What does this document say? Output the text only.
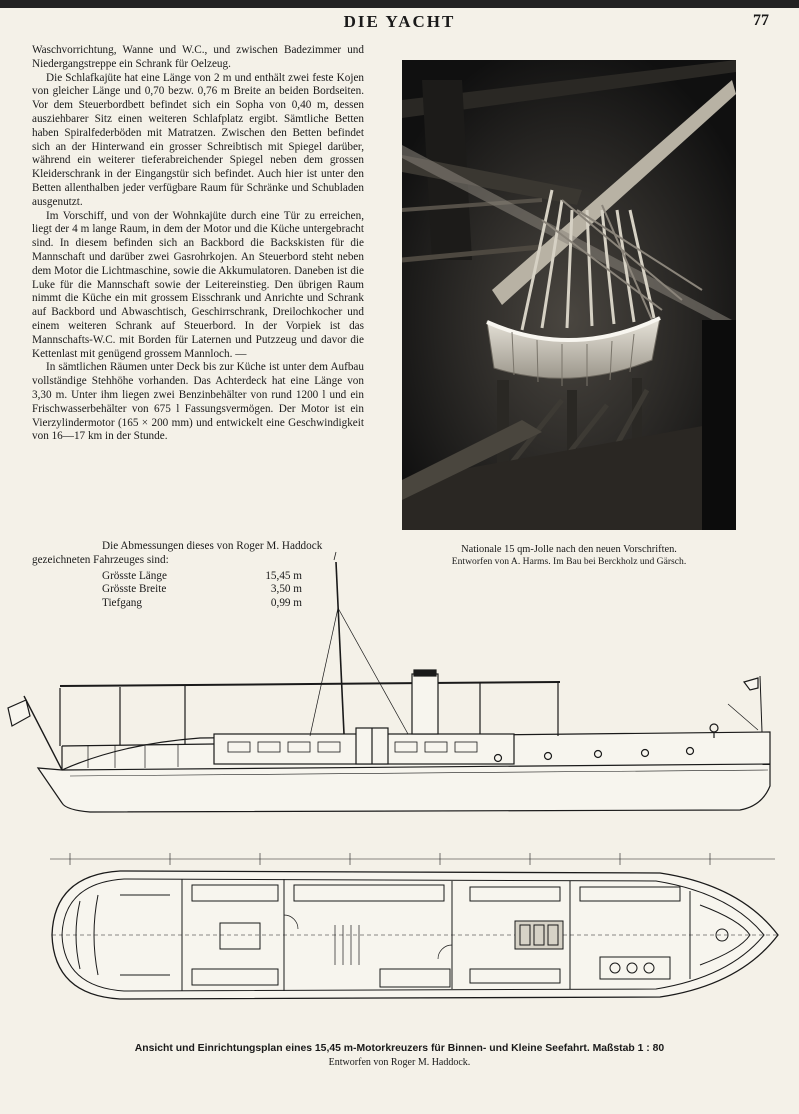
DIE YACHT	77

Waschvorrichtung, Wanne und W.C., und zwischen Badezimmer und Niedergangstreppe ein Schrank für Oelzeug.

Die Schlafkajüte hat eine Länge von 2 m und enthält zwei feste Kojen von gleicher Länge und 0,70 bezw. 0,76 m Breite an beiden Bordseiten. Vor dem Steuerbordbett befindet sich ein Sopha von 0,40 m, dessen ausziehbarer Sitz einen weiteren Schlafplatz ergibt. Sämtliche Betten haben Spiralfederböden mit Matratzen. Zwischen den Betten befindet sich an der Hinterwand ein grosser Schreibtisch mit Spiegel darüber, während ein weiterer tieferabreichender Spiegel neben dem grossen Kleiderschrank in der Eingangstür sich befindet. Auch hier ist unter den Betten allenthalben jeder verfügbare Raum für Schränke und Schubladen ausgenutzt.

Im Vorschiff, und von der Wohnkajüte durch eine Tür zu erreichen, liegt der 4 m lange Raum, in dem der Motor und die Küche untergebracht sind. In diesem befinden sich an Backbord die Backskisten für die Mannschaft und darüber zwei Gasrohrkojen. An Steuerbord steht neben dem Motor die Lichtmaschine, sowie die Akkumulatoren. Daneben ist die Luke für die Mannschaft sowie der Leitereinstieg. Den übrigen Raum nimmt die Küche ein mit grossem Eisschrank und Anrichte und Schrank auf Backbord und Abwaschtisch, Geschirrschrank, Dreilochkocher und einem weiteren Schrank auf Steuerbord. In der Vorpiek ist das Mannschafts-W.C. mit Borden für Laternen und Putzzeug und davor die Kettenlast mit genügend grossem Mannloch. —

In sämtlichen Räumen unter Deck bis zur Küche ist unter dem Aufbau vollständige Stehhöhe vorhanden. Das Achterdeck hat eine Länge von 3,30 m. Unter ihm liegen zwei Benzinbehälter von rund 1200 l und ein Frischwasserbehälter von 675 l Fassungsvermögen. Der Motor ist ein Vierzylindermotor (165 × 200 mm) und entwickelt eine Geschwindigkeit von 16—17 km in der Stunde.

Die Abmessungen dieses von Roger M. Haddock gezeichneten Fahrzeuges sind:
Grösste Länge	15,45 m
Grösste Breite	3,50 m
Tiefgang	0,99 m
Nationale 15 qm-Jolle nach den neuen Vorschriften.
Entworfen von A. Harms. Im Bau bei Berckholz und Gärsch.
Ansicht und Einrichtungsplan eines 15,45 m-Motorkreuzers für Binnen- und Kleine Seefahrt. Maßstab 1 : 80
Entworfen von Roger M. Haddock.
